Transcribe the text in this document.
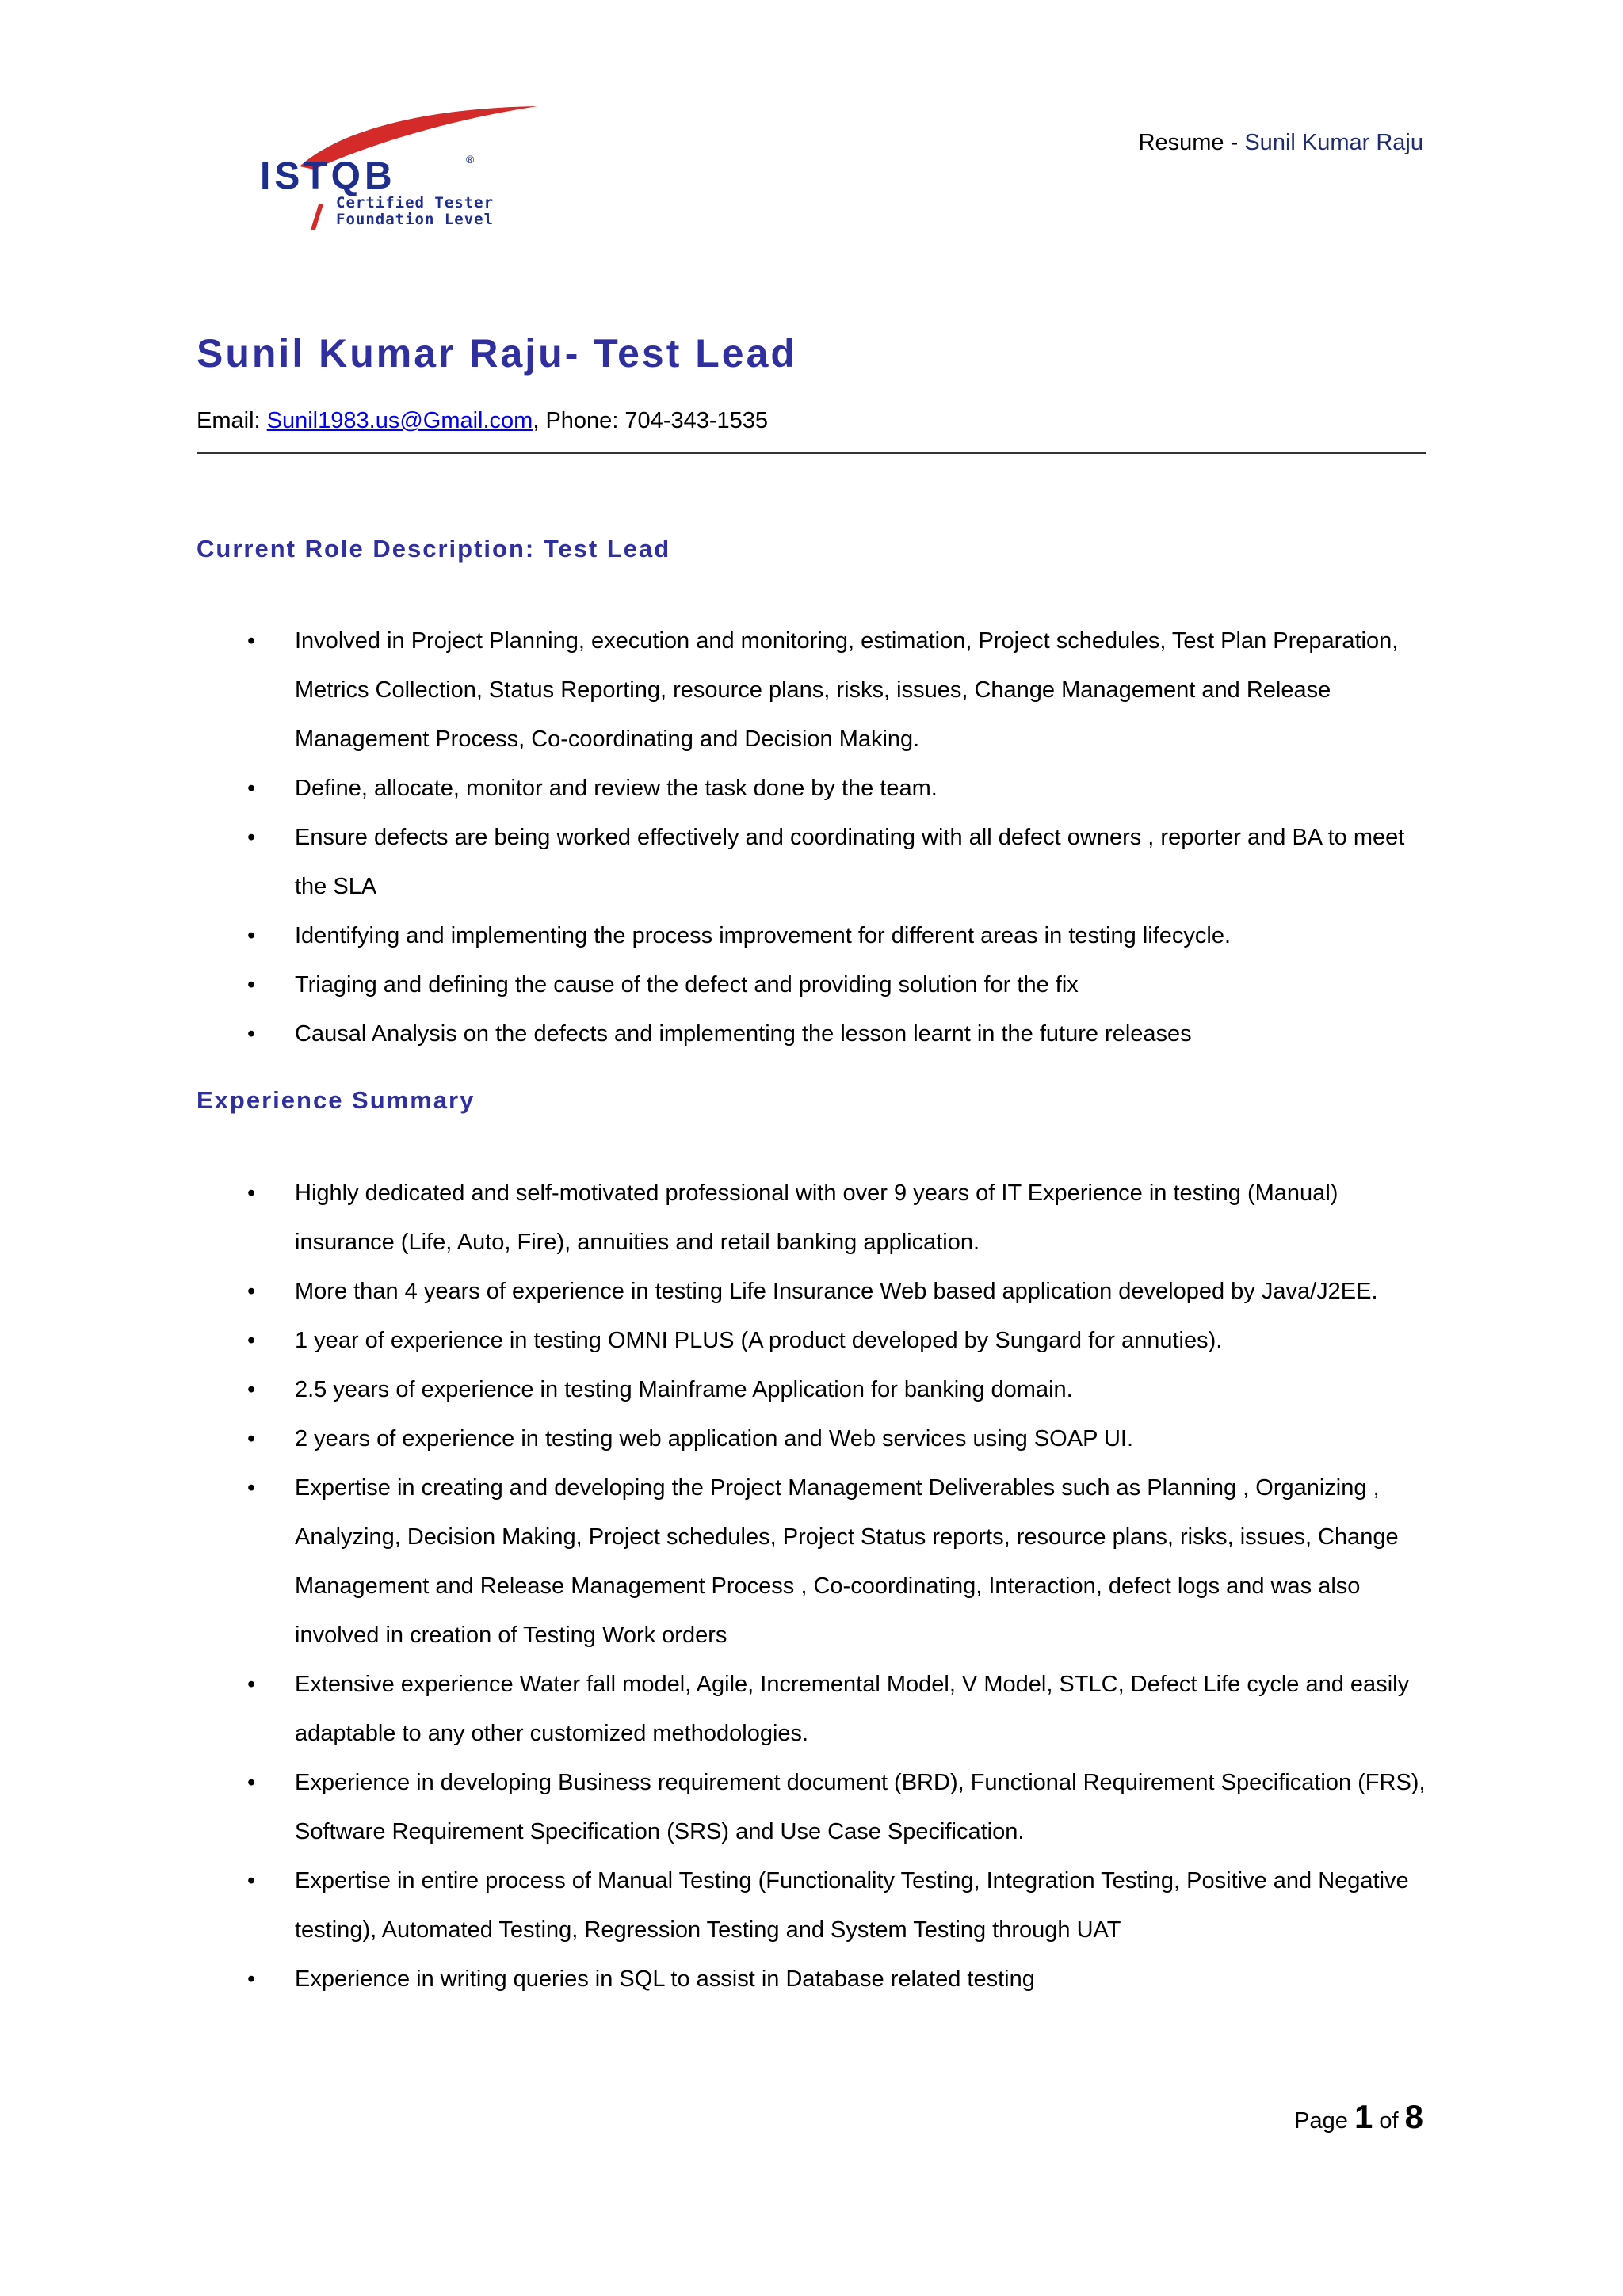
ISTQB	®
Certified Tester
Foundation Level
Resume - Sunil Kumar Raju
Sunil Kumar Raju- Test Lead
Email: Sunil1983.us@Gmail.com, Phone: 704-343-1535
Current Role Description: Test Lead
• Involved in Project Planning, execution and monitoring, estimation, Project schedules, Test Plan Preparation, Metrics Collection, Status Reporting, resource plans, risks, issues, Change Management and Release Management Process, Co-coordinating and Decision Making.
• Define, allocate, monitor and review the task done by the team.
• Ensure defects are being worked effectively and coordinating with all defect owners , reporter and BA to meet the SLA
• Identifying and implementing the process improvement for different areas in testing lifecycle.
• Triaging and defining the cause of the defect and providing solution for the fix
• Causal Analysis on the defects and implementing the lesson learnt in the future releases
Experience Summary
• Highly dedicated and self-motivated professional with over 9 years of IT Experience in testing (Manual) insurance (Life, Auto, Fire), annuities and retail banking application.
• More than 4 years of experience in testing Life Insurance Web based application developed by Java/J2EE.
• 1 year of experience in testing OMNI PLUS (A product developed by Sungard for annuties).
• 2.5 years of experience in testing Mainframe Application for banking domain.
• 2 years of experience in testing web application and Web services using SOAP UI.
• Expertise in creating and developing the Project Management Deliverables such as Planning , Organizing , Analyzing, Decision Making, Project schedules, Project Status reports, resource plans, risks, issues, Change Management and Release Management Process , Co-coordinating, Interaction, defect logs and was also involved in creation of Testing Work orders
• Extensive experience Water fall model, Agile, Incremental Model, V Model, STLC, Defect Life cycle and easily adaptable to any other customized methodologies.
• Experience in developing Business requirement document (BRD), Functional Requirement Specification (FRS), Software Requirement Specification (SRS) and Use Case Specification.
• Expertise in entire process of Manual Testing (Functionality Testing, Integration Testing, Positive and Negative testing), Automated Testing, Regression Testing and System Testing through UAT
• Experience in writing queries in SQL to assist in Database related testing
Page 1 of 8
